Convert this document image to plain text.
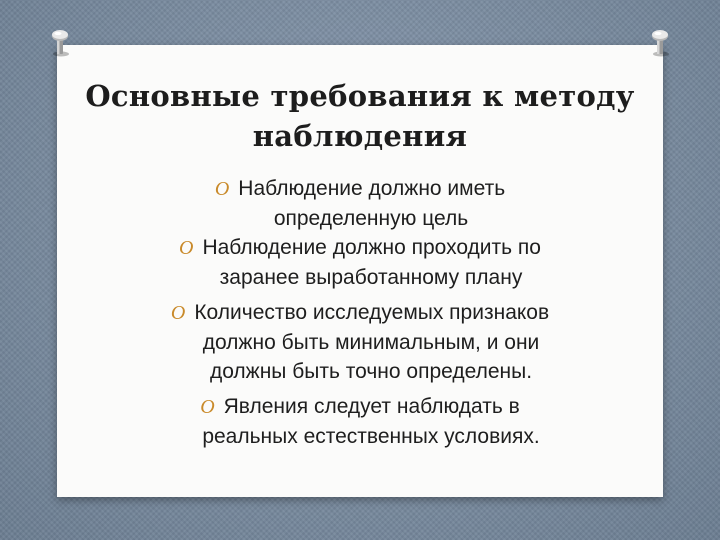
Основные требования к методу
наблюдения
O Наблюдение должно иметь
определенную цель
O Наблюдение должно проходить по
заранее выработанному плану
O Количество исследуемых признаков
должно быть минимальным, и они
должны быть точно определены.
O Явления следует наблюдать в
реальных естественных условиях.
